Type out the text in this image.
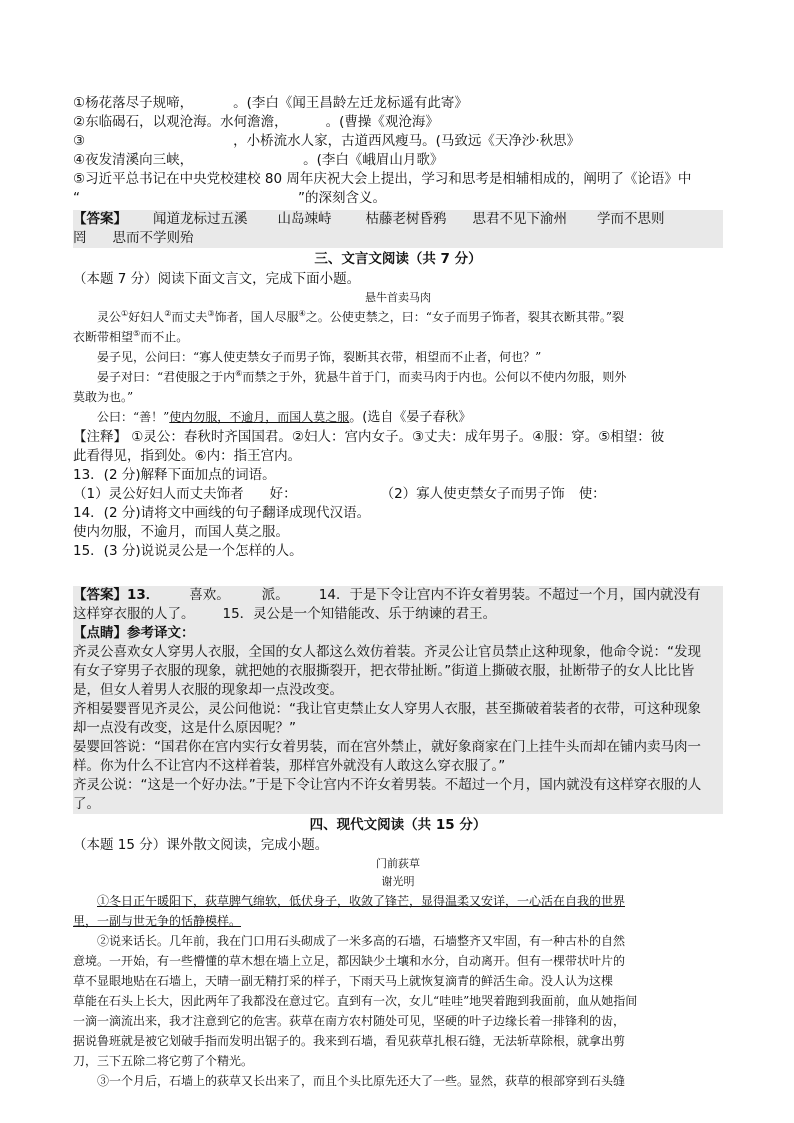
①杨花落尽子规啼，	。(李白《闻王昌龄左迁龙标遥有此寄》
②东临碣石，以观沧海。水何澹澹，	。(曹操《观沧海》
③	，小桥流水人家，古道西风瘦马。(马致远《天净沙·秋思》
④夜发清溪向三峡，	。(李白《峨眉山月歌》
⑤习近平总书记在中央党校建校 80 周年庆祝大会上提出，学习和思考是相辅相成的，阐明了《论语》中
“	”的深刻含义。
【答案】 闻道龙标过五溪 山岛竦峙	枯藤老树昏鸦 思君不见下渝州 学而不思则
罔 思而不学则殆
三、文言文阅读（共 7 分）
（本题 7 分）阅读下面文言文，完成下面小题。
悬牛首卖马肉
灵公①好妇人②而丈夫③饰者，国人尽服④之。公使吏禁之，曰：“女子而男子饰者，裂其衣断其带。”裂
衣断带相望⑤而不止。
晏子见，公问曰：“寡人使吏禁女子而男子饰，裂断其衣带，相望而不止者，何也？”
晏子对曰：“君使服之于内⑥而禁之于外，犹悬牛首于门，而卖马肉于内也。公何以不使内勿服，则外
莫敢为也。”
公曰：“善！”使内勿服，不逾月，而国人莫之服。(选自《晏子春秋》
【注释】 ①灵公：春秋时齐国国君。②妇人：宫内女子。③丈夫：成年男子。④服：穿。⑤相望：彼
此看得见，指到处。⑥内：指王宫内。
13．(2 分)解释下面加点的词语。
（1）灵公好妇人而丈夫饰者 好：	（2）寡人使吏禁女子而男子饰 使：
14．(2 分)请将文中画线的句子翻译成现代汉语。
使内勿服，不逾月，而国人莫之服。
15．(3 分)说说灵公是一个怎样的人。
【答案】13． 喜欢。 派。 14．于是下令让宫内不许女着男装。不超过一个月，国内就没有
这样穿衣服的人了。 15．灵公是一个知错能改、乐于纳谏的君王。
【点睛】参考译文：
齐灵公喜欢女人穿男人衣服，全国的女人都这么效仿着装。齐灵公让官员禁止这种现象，他命令说：“发现
有女子穿男子衣服的现象，就把她的衣服撕裂开，把衣带扯断。”街道上撕破衣服，扯断带子的女人比比皆
是，但女人着男人衣服的现象却一点没改变。
齐相晏婴晋见齐灵公，灵公问他说：“我让官吏禁止女人穿男人衣服，甚至撕破着装者的衣带，可这种现象
却一点没有改变，这是什么原因呢？”
晏婴回答说：“国君你在宫内实行女着男装，而在宫外禁止，就好象商家在门上挂牛头而却在铺内卖马肉一
样。你为什么不让宫内不这样着装，那样宫外就没有人敢这么穿衣服了。”
齐灵公说：“这是一个好办法。”于是下令让宫内不许女着男装。不超过一个月，国内就没有这样穿衣服的人
了。
四、现代文阅读（共 15 分）
（本题 15 分）课外散文阅读，完成小题。
门前荻草
谢光明
①冬日正午暖阳下，荻草脾气绵软，低伏身子，收敛了锋芒，显得温柔又安详，一心活在自我的世界
里，一副与世无争的恬静模样。
②说来话长。几年前，我在门口用石头砌成了一米多高的石墙，石墙整齐又牢固，有一种古朴的自然
意境。一开始，有一些懵懂的草木想在墙上立足，都因缺少土壤和水分，自动离开。但有一棵带状叶片的
草不显眼地贴在石墙上，天晴一副无精打采的样子，下雨天马上就恢复滴青的鲜活生命。没人认为这棵
草能在石头上长大，因此两年了我都没在意过它。直到有一次，女儿“哇哇”地哭着跑到我面前，血从她指间
一滴一滴流出来，我才注意到它的危害。荻草在南方农村随处可见，坚硬的叶子边缘长着一排锋利的齿，
据说鲁班就是被它划破手指而发明出锯子的。我来到石墙，看见荻草扎根石缝，无法斩草除根，就拿出剪
刀，三下五除二将它剪了个精光。
③一个月后，石墙上的荻草又长出来了，而且个头比原先还大了一些。显然，荻草的根部穿到石头缝
